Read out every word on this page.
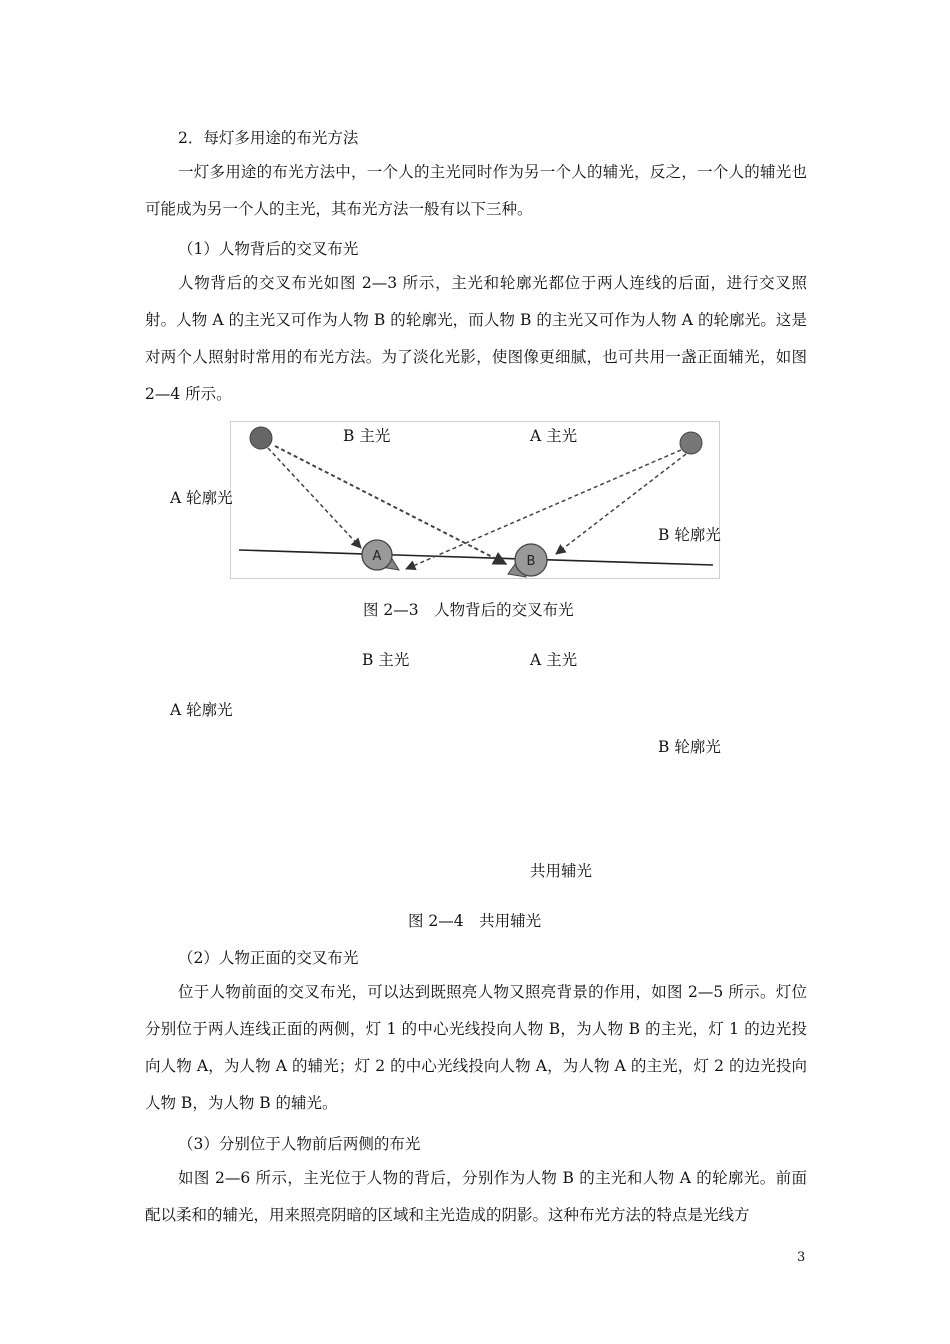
2．每灯多用途的布光方法
一灯多用途的布光方法中，一个人的主光同时作为另一个人的辅光，反之，一个人的辅光也可能成为另一个人的主光，其布光方法一般有以下三种。
（1）人物背后的交叉布光
人物背后的交叉布光如图 2—3 所示，主光和轮廓光都位于两人连线的后面，进行交叉照射。人物 A 的主光又可作为人物 B 的轮廓光，而人物 B 的主光又可作为人物 A 的轮廓光。这是对两个人照射时常用的布光方法。为了淡化光影，使图像更细腻，也可共用一盏正面辅光，如图 2—4 所示。
A	B
B 主光	A 主光
A 轮廓光
B 轮廓光
图 2—3　人物背后的交叉布光
B 主光	A 主光
A 轮廓光
B 轮廓光
共用辅光
图 2—4　共用辅光
（2）人物正面的交叉布光
位于人物前面的交叉布光，可以达到既照亮人物又照亮背景的作用，如图 2—5 所示。灯位分别位于两人连线正面的两侧，灯 1 的中心光线投向人物 B，为人物 B 的主光，灯 1 的边光投向人物 A，为人物 A 的辅光；灯 2 的中心光线投向人物 A，为人物 A 的主光，灯 2 的边光投向人物 B，为人物 B 的辅光。
（3）分别位于人物前后两侧的布光
如图 2—6 所示，主光位于人物的背后，分别作为人物 B 的主光和人物 A 的轮廓光。前面配以柔和的辅光，用来照亮阴暗的区域和主光造成的阴影。这种布光方法的特点是光线方
3
